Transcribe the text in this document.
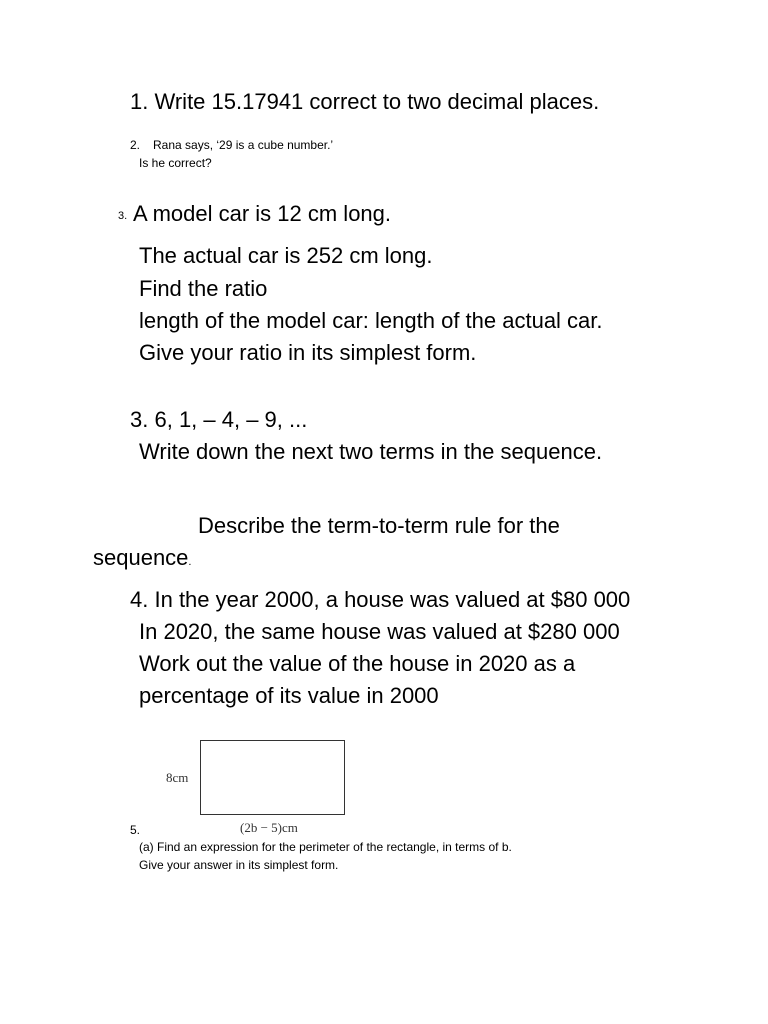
1. Write 15.17941 correct to two decimal places.
2. Rana says, ‘29 is a cube number.’
Is he correct?
3. A model car is 12 cm long.
The actual car is 252 cm long.
Find the ratio
length of the model car: length of the actual car.
Give your ratio in its simplest form.
3. 6, 1, – 4, – 9, ...
Write down the next two terms in the sequence.
Describe the term-to-term rule for the
sequence.
4. In the year 2000, a house was valued at $80 000
In 2020, the same house was valued at $280 000
Work out the value of the house in 2020 as a
percentage of its value in 2000
8cm
(2b − 5)cm
5.
(a) Find an expression for the perimeter of the rectangle, in terms of b.
Give your answer in its simplest form.
